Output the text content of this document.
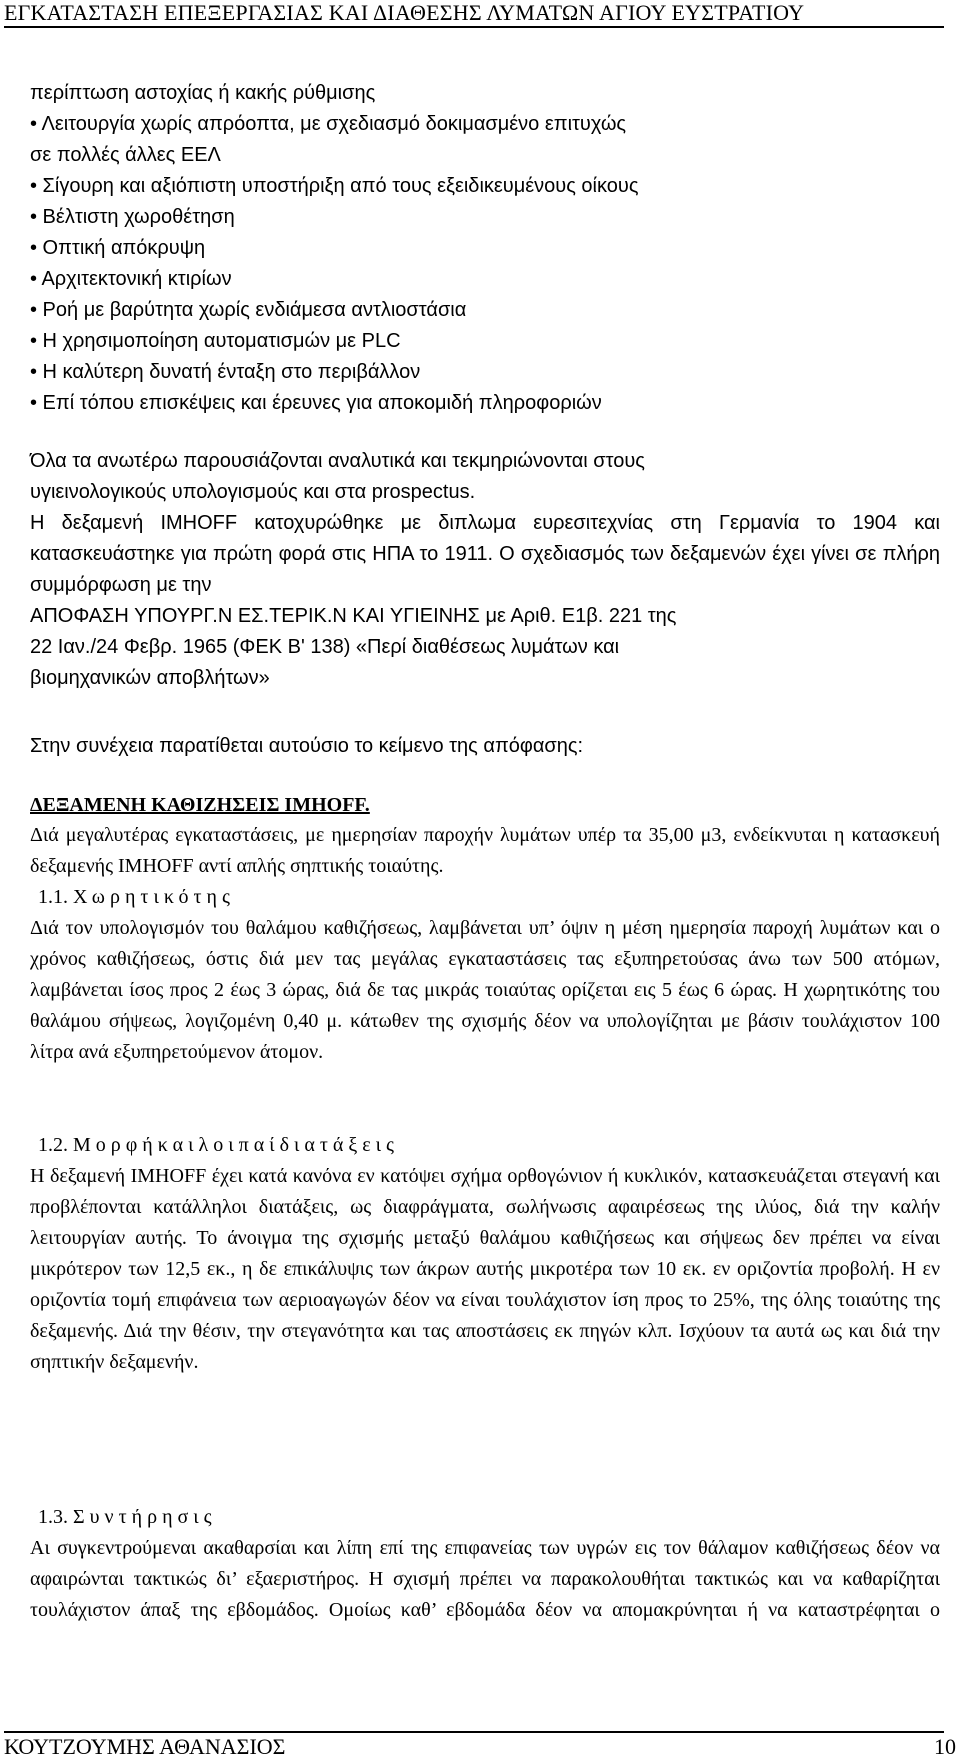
ΕΓΚΑΤΑΣΤΑΣΗ ΕΠΕΞΕΡΓΑΣΙΑΣ ΚΑΙ ΔΙΑΘΕΣΗΣ ΛΥΜΑΤΩΝ ΑΓΙΟΥ ΕΥΣΤΡΑΤΙΟΥ
περίπτωση αστοχίας ή κακής ρύθμισης
• Λειτουργία χωρίς απρόοπτα, με σχεδιασμό δοκιμασμένο επιτυχώς
σε πολλές άλλες ΕΕΛ
• Σίγουρη και αξιόπιστη υποστήριξη από τους εξειδικευμένους οίκους
• Βέλτιστη χωροθέτηση
• Οπτική απόκρυψη
• Αρχιτεκτονική κτιρίων
• Ροή με βαρύτητα χωρίς ενδιάμεσα αντλιοστάσια
• Η χρησιμοποίηση αυτοματισμών με PLC
• Η καλύτερη δυνατή ένταξη στο περιβάλλον
• Επί τόπου επισκέψεις και έρευνες για αποκομιδή πληροφοριών
Όλα τα ανωτέρω παρουσιάζονται αναλυτικά και τεκμηριώνονται στους
υγιεινολογικούς υπολογισμούς και στα prospectus.
Η δεξαμενή IMHOFF κατοχυρώθηκε με διπλωμα ευρεσιτεχνίας στη Γερμανία το 1904 και κατασκευάστηκε για πρώτη φορά στις ΗΠΑ το 1911. Ο σχεδιασμός των δεξαμενών έχει γίνει σε πλήρη συμμόρφωση με την
ΑΠΟΦΑΣΗ ΥΠΟΥΡΓ.Ν ΕΣ.ΤΕΡΙΚ.Ν ΚΑΙ ΥΓΙΕΙΝΗΣ με Αριθ. Ε1β. 221 της
22 Ιαν./24 Φεβρ. 1965 (ΦΕΚ Β' 138) «Περί διαθέσεως λυμάτων και
βιομηχανικών αποβλήτων»
Στην συνέχεια παρατίθεται αυτούσιο το κείμενο της απόφασης:
ΔΕΞΑΜΕΝΗ ΚΑΘΙΖΗΣΕΙΣ IMHOFF.
Διά μεγαλυτέρας εγκαταστάσεις, με ημερησίαν παροχήν λυμάτων υπέρ τα 35,00 μ3, ενδείκνυται η κατασκευή δεξαμενής IMHOFF αντί απλής σηπτικής τοιαύτης.
1.1. Χωρητικότης
Διά τον υπολογισμόν του θαλάμου καθιζήσεως, λαμβάνεται υπ’ όψιν η μέση ημερησία παροχή λυμάτων και ο χρόνος καθιζήσεως, όστις διά μεν τας μεγάλας εγκαταστάσεις τας εξυπηρετούσας άνω των 500 ατόμων, λαμβάνεται ίσος προς 2 έως 3 ώρας, διά δε τας μικράς τοιαύτας ορίζεται εις 5 έως 6 ώρας. Η χωρητικότης του θαλάμου σήψεως, λογιζομένη 0,40 μ. κάτωθεν της σχισμής δέον να υπολογίζηται με βάσιν τουλάχιστον 100 λίτρα ανά εξυπηρετούμενον άτομον.
1.2. Μορφήκαιλοιπαίδιατάξεις
Η δεξαμενή IMHOFF έχει κατά κανόνα εν κατόψει σχήμα ορθογώνιον ή κυκλικόν, κατασκευάζεται στεγανή και προβλέπονται κατάλληλοι διατάξεις, ως διαφράγματα, σωλήνωσις αφαιρέσεως της ιλύος, διά την καλήν λειτουργίαν αυτής. Το άνοιγμα της σχισμής μεταξύ θαλάμου καθιζήσεως και σήψεως δεν πρέπει να είναι μικρότερον των 12,5 εκ., η δε επικάλυψις των άκρων αυτής μικροτέρα των 10 εκ. εν οριζοντία προβολή. Η εν οριζοντία τομή επιφάνεια των αεριοαγωγών δέον να είναι τουλάχιστον ίση προς το 25%, της όλης τοιαύτης της δεξαμενής. Διά την θέσιν, την στεγανότητα και τας αποστάσεις εκ πηγών κλπ. Ισχύουν τα αυτά ως και διά την σηπτικήν δεξαμενήν.
1.3. Συντήρησις
Αι συγκεντρούμεναι ακαθαρσίαι και λίπη επί της επιφανείας των υγρών εις τον θάλαμον καθιζήσεως δέον να αφαιρώνται τακτικώς δι’ εξαεριστήρος. Η σχισμή πρέπει να παρακολουθήται τακτικώς και να καθαρίζηται τουλάχιστον άπαξ της εβδομάδος. Ομοίως καθ’ εβδομάδα δέον να απομακρύνηται ή να καταστρέφηται ο
ΚΟΥΤΖΟΥΜΗΣ ΑΘΑΝΑΣΙΟΣ	10
